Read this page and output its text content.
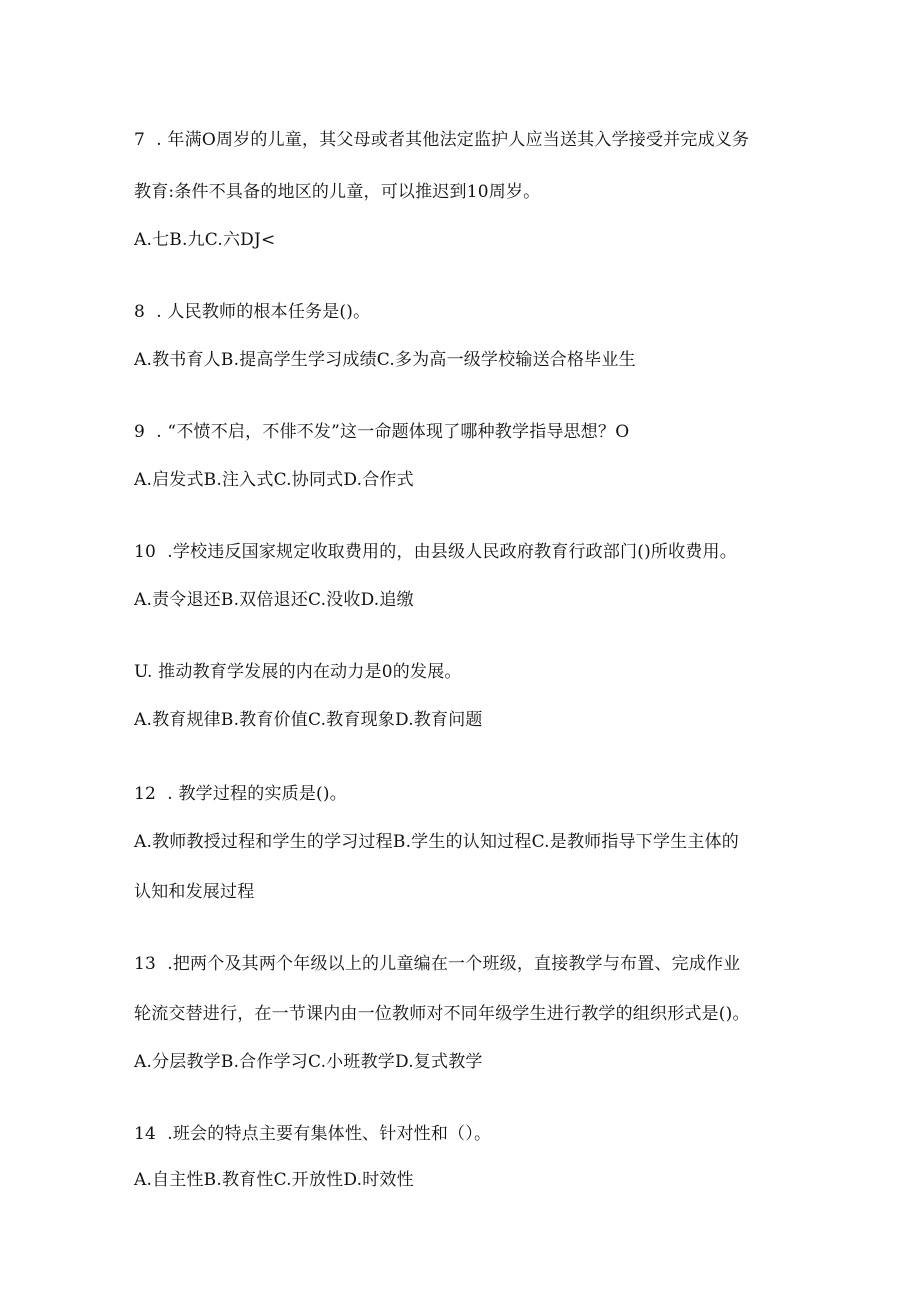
7  . 年满O周岁的儿童，其父母或者其他法定监护人应当送其入学接受并完成义务
教育:条件不具备的地区的儿童，可以推迟到10周岁。
A.七B.九C.六DJ<
8  . 人民教师的根本任务是()。
A.教书育人B.提高学生学习成绩C.多为高一级学校输送合格毕业生
9  . “不愤不启，不俳不发”这一命题体现了哪种教学指导思想？O
A.启发式B.注入式C.协同式D.合作式
10  .学校违反国家规定收取费用的，由县级人民政府教育行政部门()所收费用。
A.责令退还B.双倍退还C.没收D.追缴
U. 推动教育学发展的内在动力是0的发展。
A.教育规律B.教育价值C.教育现象D.教育问题
12  . 教学过程的实质是()。
A.教师教授过程和学生的学习过程B.学生的认知过程C.是教师指导下学生主体的
认知和发展过程
13  .把两个及其两个年级以上的儿童编在一个班级，直接教学与布置、完成作业
轮流交替进行，在一节课内由一位教师对不同年级学生进行教学的组织形式是()。
A.分层教学B.合作学习C.小班教学D.复式教学
14  .班会的特点主要有集体性、针对性和（）。
A.自主性B.教育性C.开放性D.时效性
